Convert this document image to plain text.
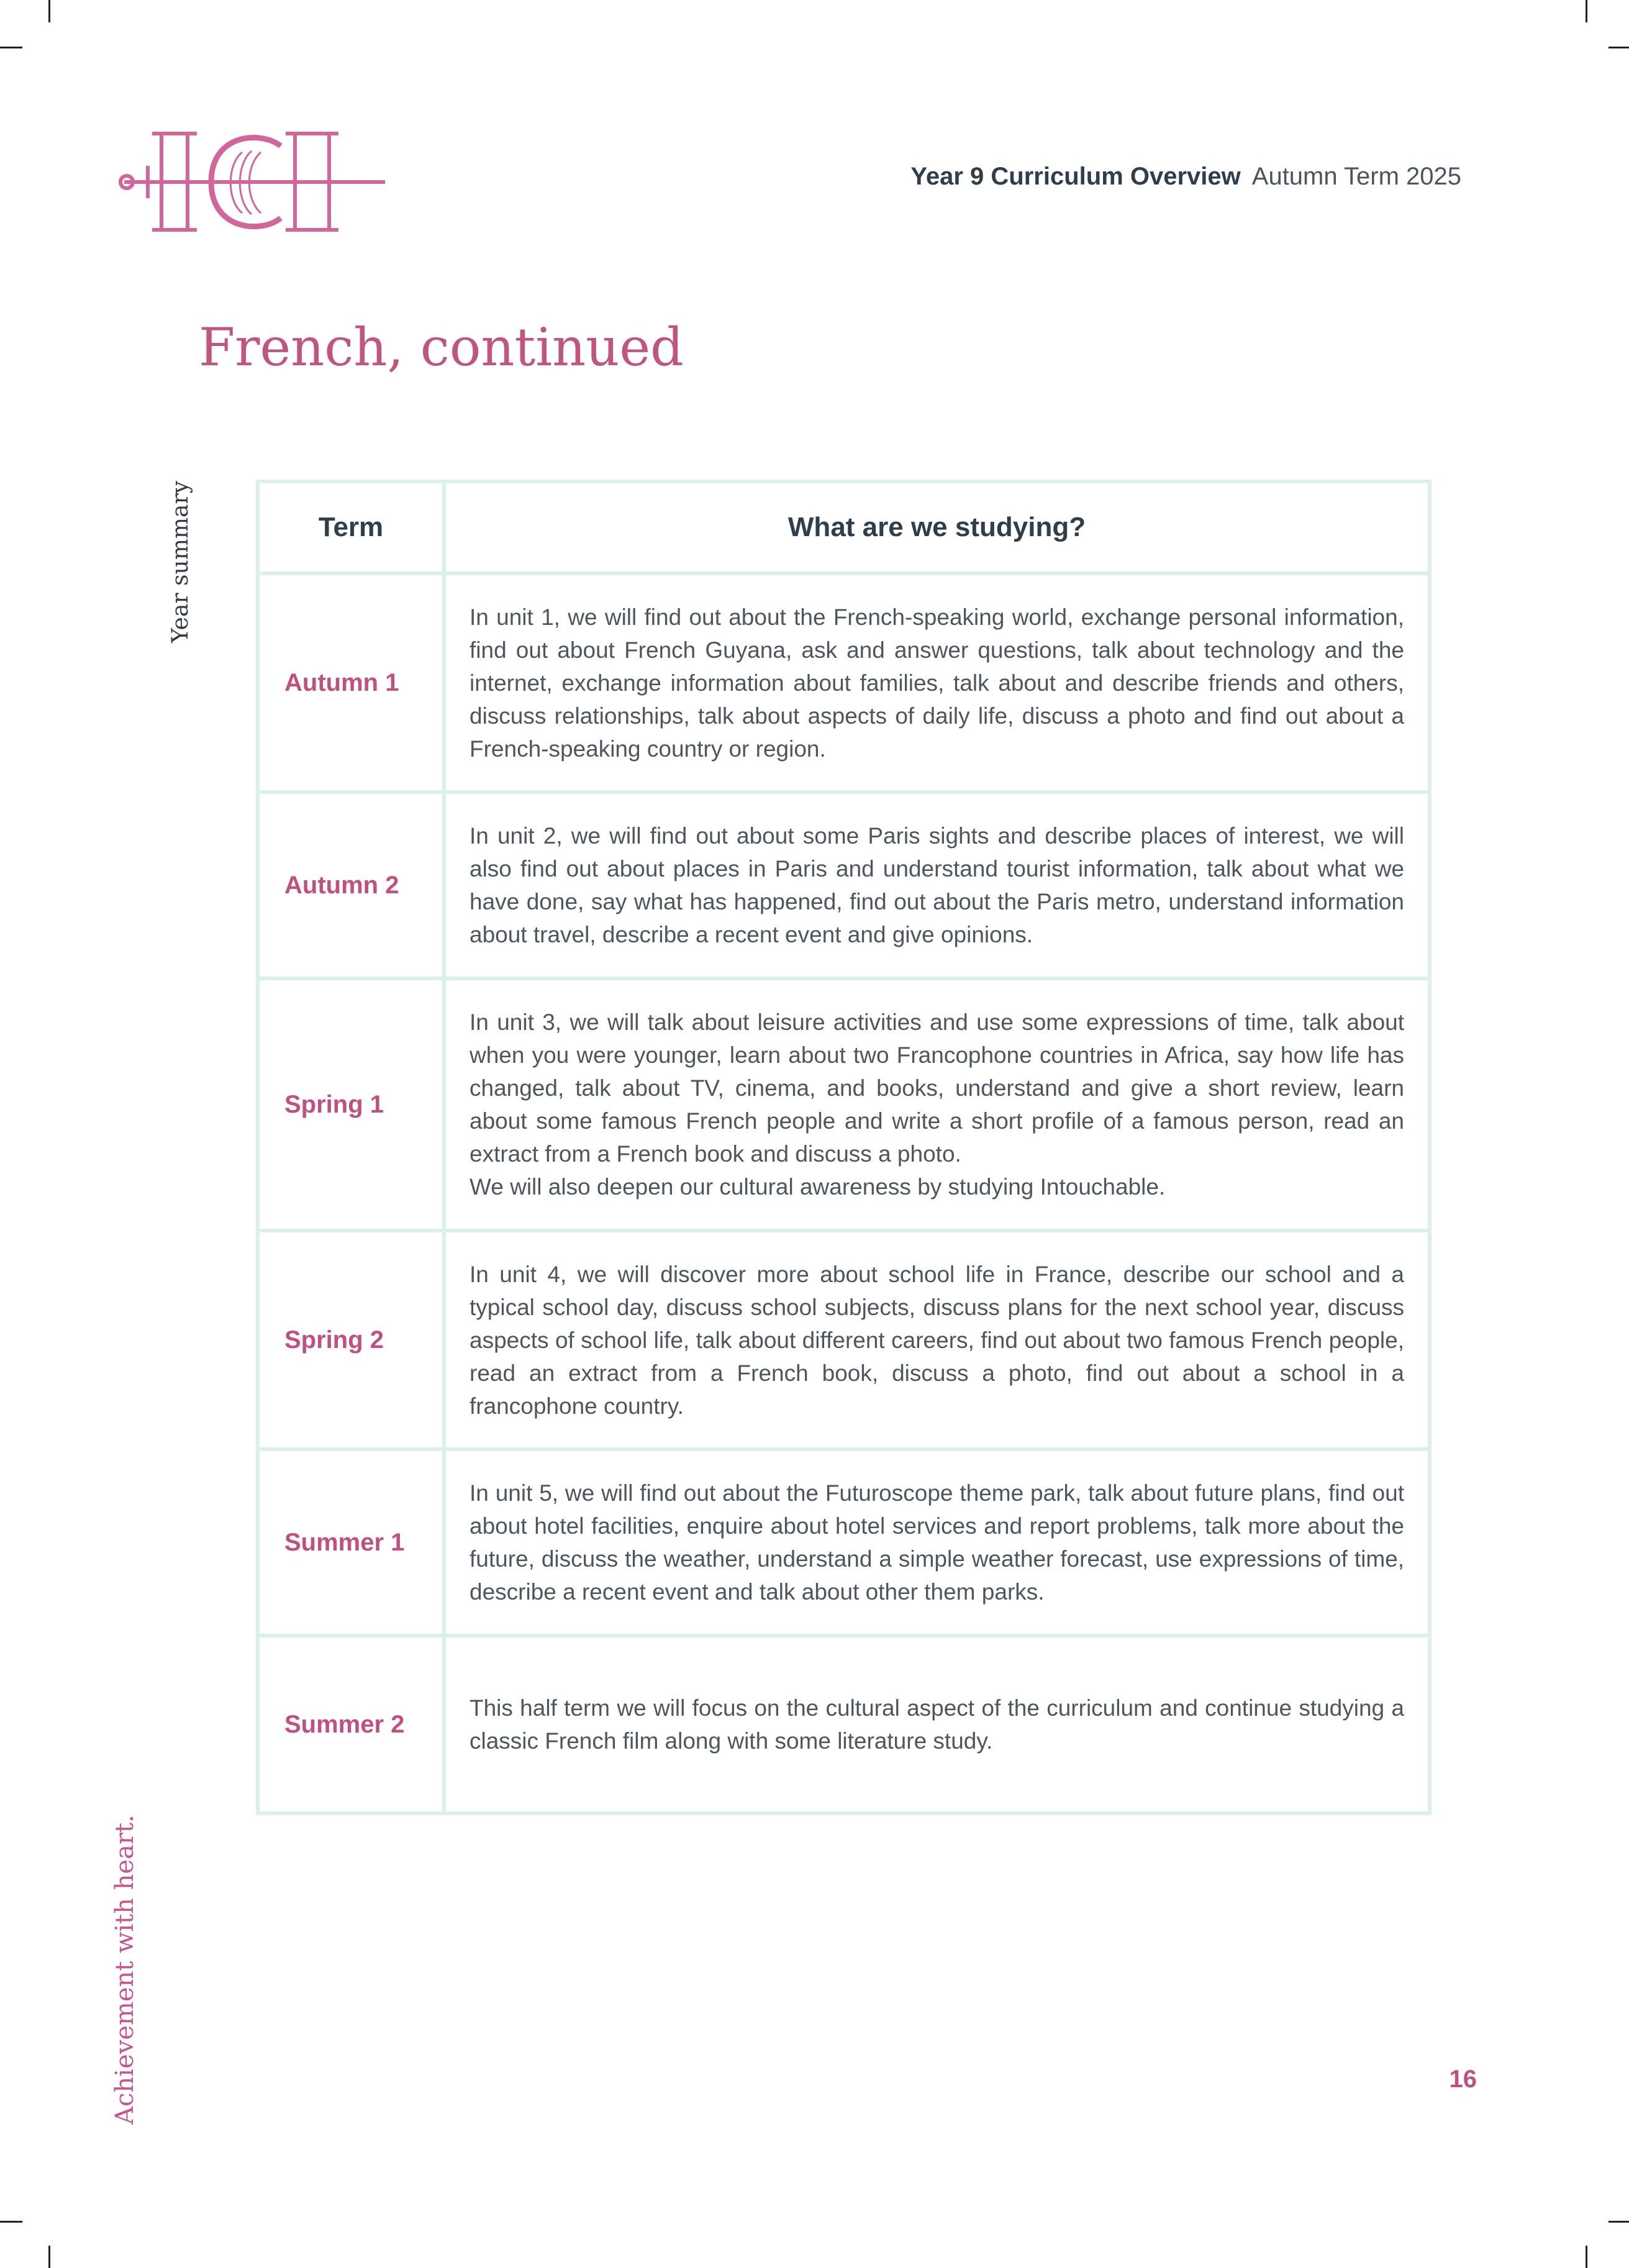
Year 9 Curriculum Overview Autumn Term 2025
French, continued
Year summary	Term	What are we studying?
Autumn 1	In unit 1, we will find out about the French-speaking world, exchange personal information, find out about French Guyana, ask and answer questions, talk about technology and the internet, exchange information about families, talk about and describe friends and others, discuss relationships, talk about aspects of daily life, discuss a photo and find out about a French-speaking country or region.
Autumn 2	In unit 2, we will find out about some Paris sights and describe places of interest, we will also find out about places in Paris and understand tourist information, talk about what we have done, say what has happened, find out about the Paris metro, understand information about travel, describe a recent event and give opinions.
Spring 1	In unit 3, we will talk about leisure activities and use some expressions of time, talk about when you were younger, learn about two Francophone countries in Africa, say how life has changed, talk about TV, cinema, and books, understand and give a short review, learn about some famous French people and write a short profile of a famous person, read an extract from a French book and discuss a photo.
We will also deepen our cultural awareness by studying Intouchable.

Spring 2	In unit 4, we will discover more about school life in France, describe our school and a typical school day, discuss school subjects, discuss plans for the next school year, discuss aspects of school life, talk about different careers, find out about two famous French people, read an extract from a French book, discuss a photo, find out about a school in a francophone country.
Summer 1	In unit 5, we will find out about the Futuroscope theme park, talk about future plans, find out about hotel facilities, enquire about hotel services and report problems, talk more about the future, discuss the weather, understand a simple weather forecast, use expressions of time, describe a recent event and talk about other them parks.
Summer 2	This half term we will focus on the cultural aspect of the curriculum and continue studying a classic French film along with some literature study.
Achievement with heart.	16
